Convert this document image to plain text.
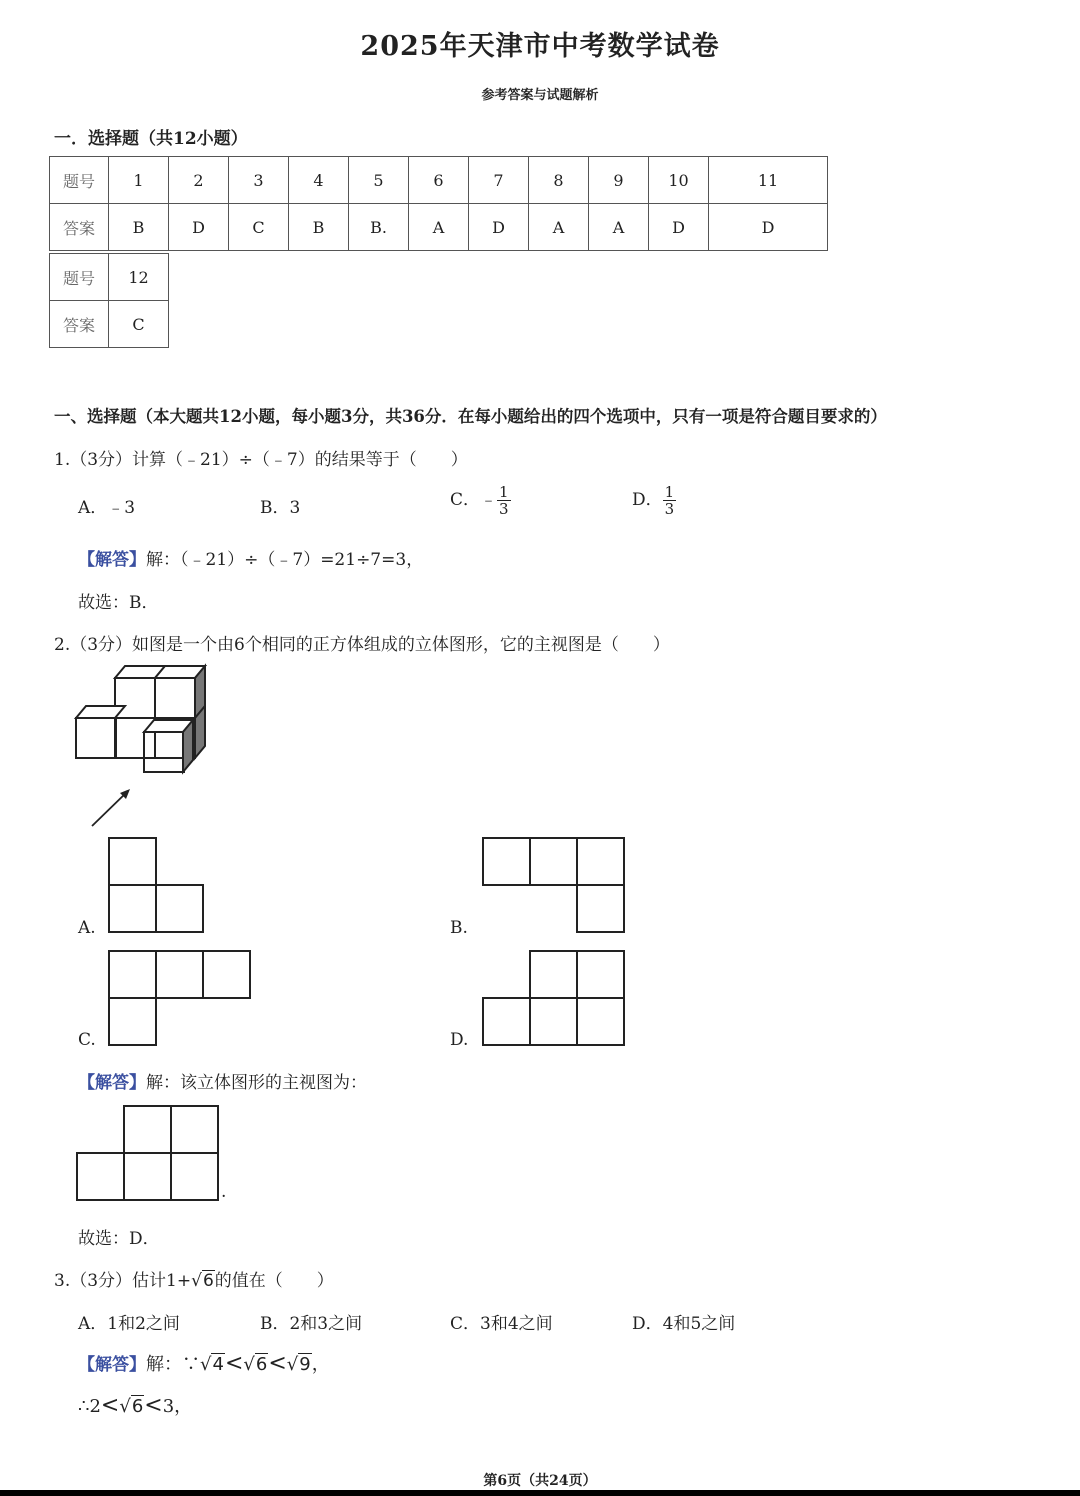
2025年天津市中考数学试卷
参考答案与试题解析
一．选择题（共12小题）
题号	1	2	3	4	5	6	7	8	9	10	11
答案	B	D	C	B	B.	A	D	A	A	D	D
题号	12
答案	C
一、选择题（本大题共12小题，每小题3分，共36分．在每小题给出的四个选项中，只有一项是符合题目要求的）
1.（3分）计算（﹣21）÷（﹣7）的结果等于（　　）
A．﹣3	B．3	C．﹣ $\frac{1}{3}$	D． $\frac{1}{3}$
【解答】解：（﹣21）÷（﹣7）=21÷7=3，
故选：B．
2.（3分）如图是一个由6个相同的正方体组成的立体图形，它的主视图是（　　）
A.	B.
C.	D.
【解答】解：该立体图形的主视图为：
.
故选：D．
3.（3分）估计1+√6的值在（　　）
A．1和2之间	B．2和3之间	C．3和4之间	D．4和5之间
【解答】解：∵√4<√6<√9，
∴2<√6<3，
第6页（共24页）
